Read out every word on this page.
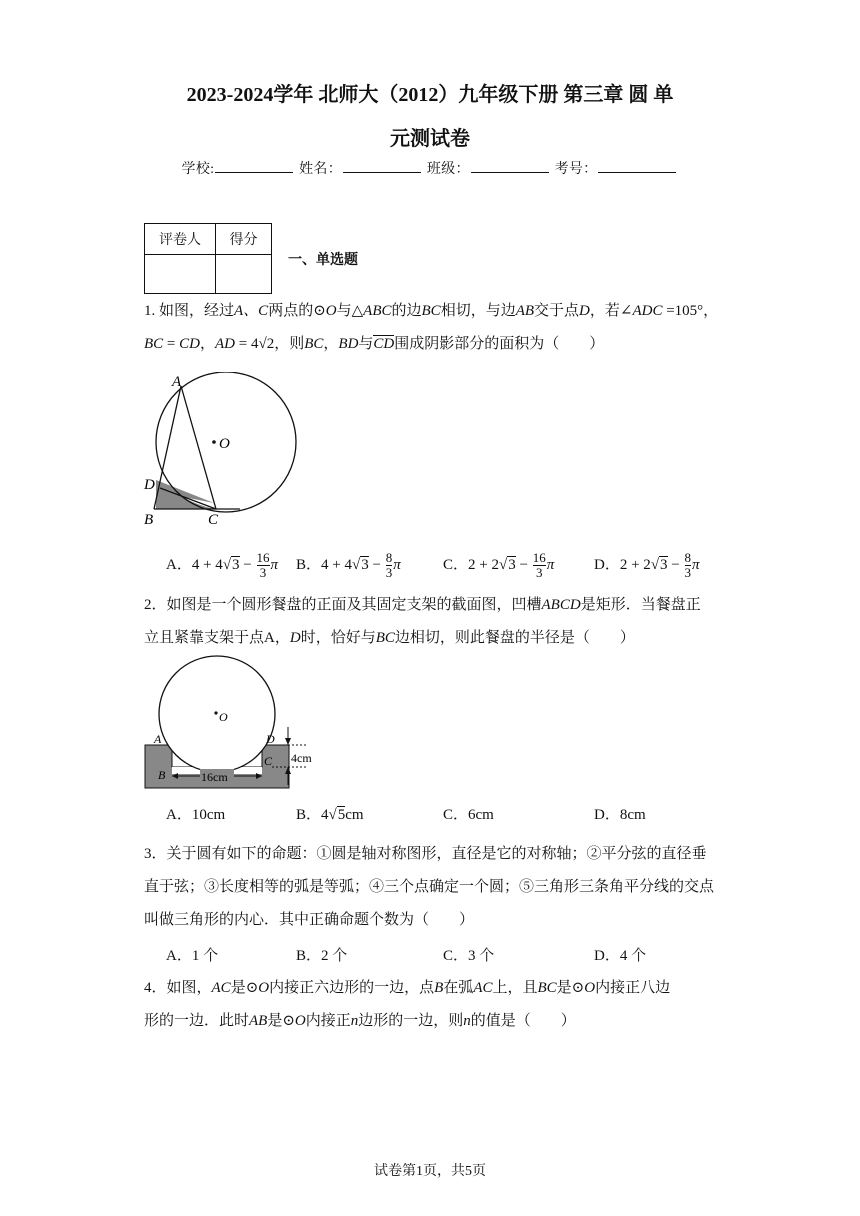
2023-2024学年 北师大（2012）九年级下册 第三章 圆 单
元测试卷
学校:	姓名：	班级：	考号：
评卷人	得分

一、单选题
1. 如图，经过A、C两点的⊙O与△ABC的边BC相切，与边AB交于点D，若∠ADC =105°，
BC = CD，AD = 4√2，则BC，BD与CD围成阴影部分的面积为（　　）
A
O
D
B	C
A．$4 + 4√3 - \frac{16}{3}$ π B．$4 + 4√3 - \frac{8}{3}$ π	C．$2 + 2√3 - \frac{16}{3}$ π	D．$2 + 2√3 - \frac{8}{3}$ π
2．如图是一个圆形餐盘的正面及其固定支架的截面图，凹槽ABCD是矩形．当餐盘正
立且紧靠支架于点A，D时，恰好与BC边相切，则此餐盘的半径是（　　）
O
A	D
B
C
16cm
4cm
A．10cm	B．4√5cm	C．6cm	D．8cm
3．关于圆有如下的命题：①圆是轴对称图形，直径是它的对称轴；②平分弦的直径垂
直于弦；③长度相等的弧是等弧；④三个点确定一个圆；⑤三角形三条角平分线的交点
叫做三角形的内心．其中正确命题个数为（　　）
A．1 个	B．2 个	C．3 个	D．4 个
4．如图，AC是⊙O内接正六边形的一边，点B在弧AC上，且BC是⊙O内接正八边
形的一边．此时AB是⊙O内接正n边形的一边，则n的值是（　　）
试卷第1页，共5页
